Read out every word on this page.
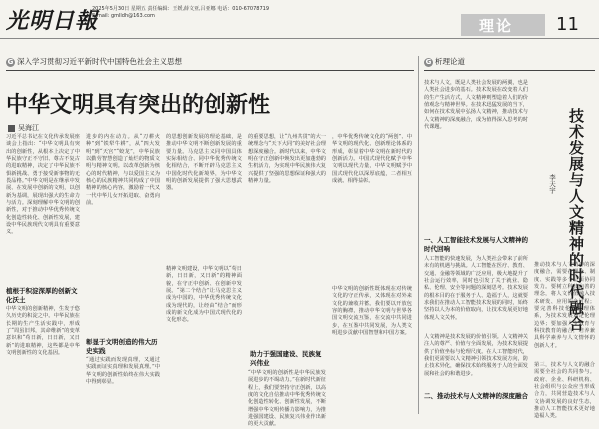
光明日報
2025年5月30日 星期五 责任编辑：王媛,薛文亚,吕亚娜 电话：010-67078719
E-mail: gmlldh@163.com
理论 11
G 深入学习贯彻习近平新时代中国特色社会主义思想
中华文明具有突出的创新性
吴海江
习近平总书记在文化传承发展座谈会上指出：“中华文明具有突出的创新性，从根本上决定了中华民族守正不守旧、尊古不复古的进取精神，决定了中华民族不惧新挑战、勇于接受新事物的无畏品格。”中华文明是在继承中发展、在发展中创新的文明，以创新为基调，展现出强大的生命力与活力。深刻理解中华文明的创新性，对于推动中华优秀传统文化创造性转化、创新性发展，建设中华民族现代文明具有重要意义。
植根于积淀深厚的创新文化沃土
中华文明的创新精神，生发于悠久历史的积淀之中。中华民族在长期的生产生活实践中，形成了“周虽旧邦，其命维新”的变革意识和“苟日新，日日新，又日新”的进取精神，这些都是中华文明创新性的文化基因。
进步的内在动力。从“刀耕火种”到“铁犁牛耕”，从“四大发明”到“天宫”“蛟龙”，中华民族以勤劳智慧创造了灿烂的物质文明与精神文明。以改革创新为核心的时代精神，与以爱国主义为核心的民族精神共同构成了中国精神的核心内容，激励着一代又一代中华儿女开拓进取、奋勇向前。
彰显于文明创造的伟大历史实践
“通过实践而发现真理，又通过实践而证实真理和发展真理。”中华文明的创新性始终在伟大实践中得到彰显。
的思想创新发展的理论基础，是推动中华文明不断创新发展的重要力量。马克思主义同中国具体实际相结合、同中华优秀传统文化相结合，不断开辟马克思主义中国化时代化新境界，为中华文明的创新发展提供了强大思想武器。
精神文明建设，中华文明以“苟日新，日日新，又日新”的精神面貌，在守正中创新、在创新中发展。“第二个结合”让马克思主义成为中国的，中华优秀传统文化成为现代的，让经由“结合”而形成的新文化成为中国式现代化的文化形态。
的重要思想，让“九州共贯”的大一统理念与“天下大同”的美好社会理想深度融合。新时代以来，中华文明在守正创新中焕发出更加蓬勃的生机活力，为实现中华民族伟大复兴提供了坚强的思想保证和强大的精神力量。
助力于强国建设、民族复兴伟业
“中华文明的创新性是中华民族发展进步的不竭动力。”在新时代新征程上，我们要坚持守正创新，以高度的文化自信推动中华优秀传统文化创造性转化、创新性发展，不断增强中华文明传播力影响力，为推进强国建设、民族复兴伟业作出新的更大贡献。
，中华优秀传统文化的“两创”、中华文明的现代化、创新理论体系的形成，彰显着中华文明在新时代的创新活力。中国式现代化赋予中华文明以现代力量，中华文明赋予中国式现代化以深厚底蕴，二者相互成就、相得益彰。
中华文明的创新性既体现在对传统文化的守正传承，又体现在对外来文化的兼收并蓄。我们要以开放包容的胸襟，推动中华文明与世界各国文明交流互鉴，在交流中共同进步，在互鉴中共同发展，为人类文明进步贡献中国智慧和中国方案。
G 析理论道
技术与人文，既是人类社会发展的两翼，也是人类社会进步的基石。技术发展在改变着人们的生产生活方式，人文精神则塑造着人们的价值观念与精神世界。在技术迅猛发展的当下，如何在技术发展中弘扬人文精神，推动技术与人文精神的深度融合，成为值得深入思考的时代课题。	技术发展与人文精神的时代融合
李天宇
一、人工智能技术发展与人文精神的时代回响
人工智能的快速发展，为人类社会带来了前所未有的机遇与挑战。人工智能在医疗、教育、交通、金融等领域的广泛应用，极大地提升了社会运行效率，同时也引发了关于就业、隐私、伦理、安全等问题的深刻思考。技术发展的根本目的在于服务于人、造福于人，这就要求我们在推动人工智能技术发展的同时，始终坚持以人为本的价值取向，让技术发展更好地体现人文关怀。
人文精神是技术发展的价值引领。人文精神关注人的尊严、价值与全面发展，为技术发展提供了价值坐标与伦理尺度。在人工智能时代，我们更需要以人文精神引领技术发展方向，防止技术异化，确保技术始终服务于人的全面发展和社会的和谐进步。
二、推动技术与人文精神的深度融合
推动技术与人文精神的深度融合，需要在理念、制度、实践等多个层面协同发力。要树立科技向善的理念，将人文价值融入技术研发、应用的全过程；要完善科技伦理治理体系，为技术发展划定伦理边界；要加强人文教育与科技教育的融合，培养兼具科学素养与人文情怀的创新人才。
第三，技术与人文的融合需要全社会的共同参与。政府、企业、科研机构、社会组织与公众应当形成合力，共同营造技术与人文协调发展的良好生态，推动人工智能技术更好地造福人类。
